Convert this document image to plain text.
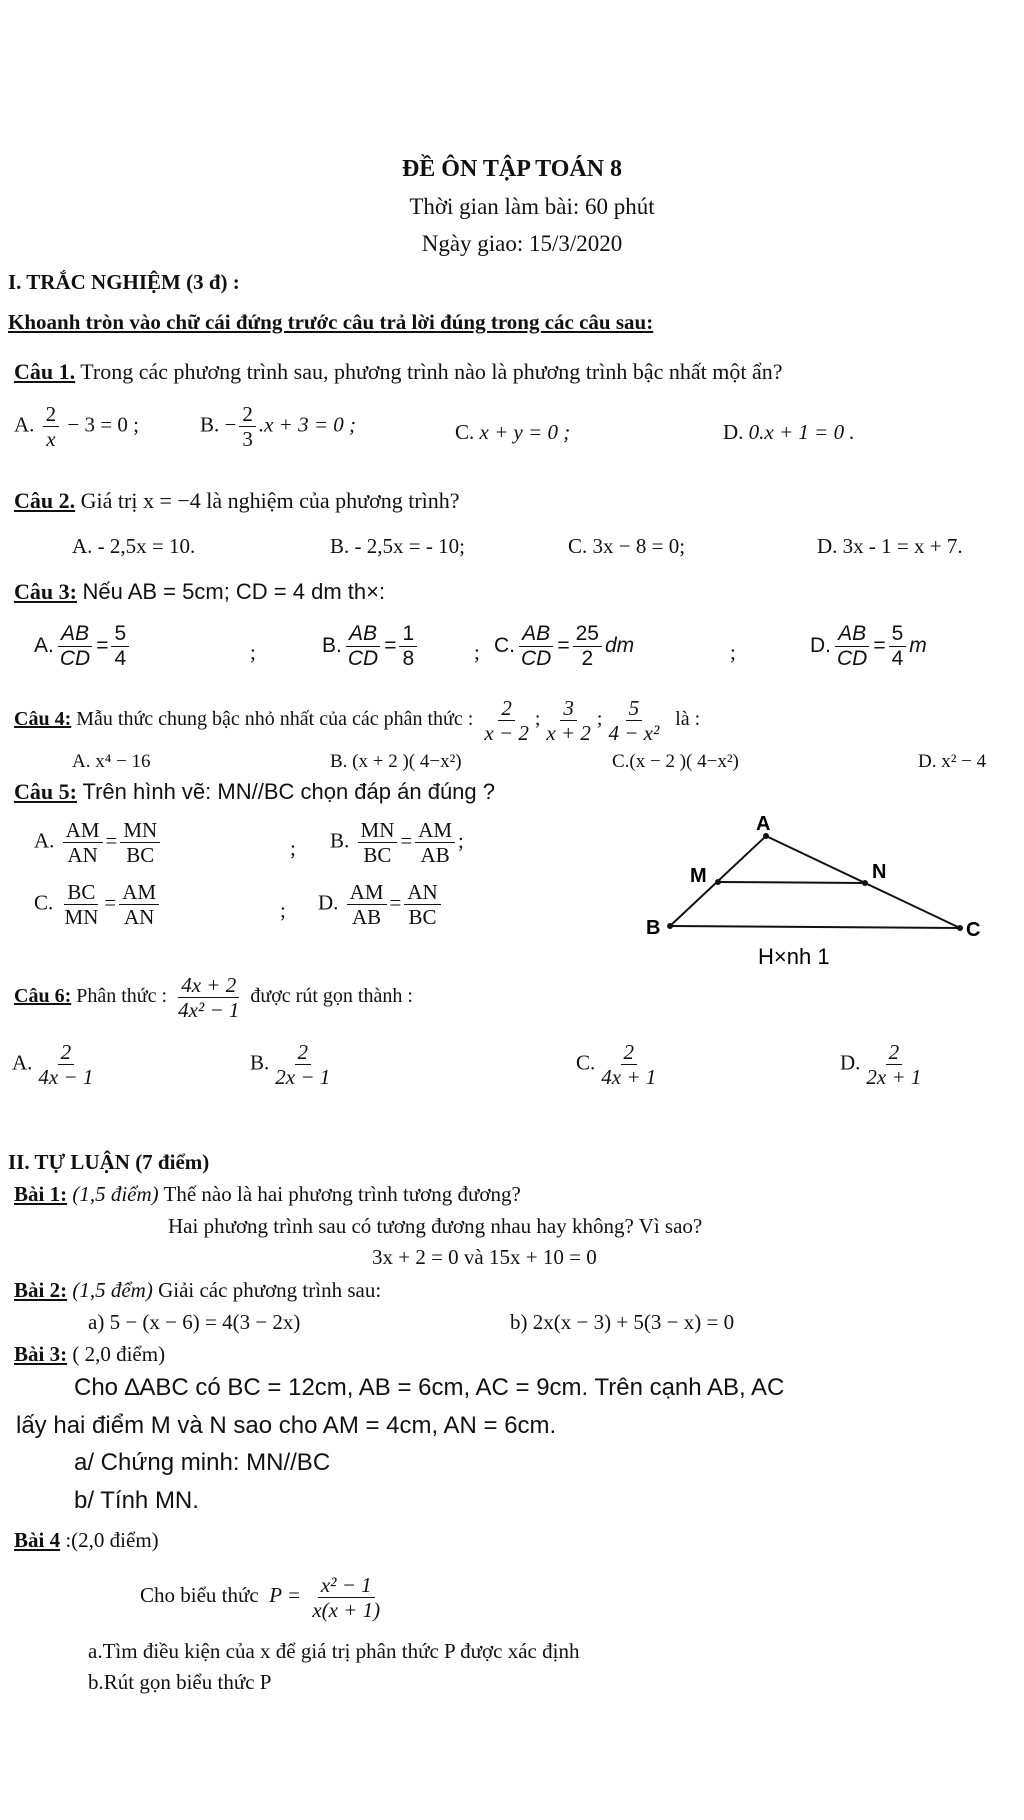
ĐỀ ÔN TẬP TOÁN 8
Thời gian làm bài: 60 phút
Ngày giao: 15/3/2020
I. TRẮC NGHIỆM (3 đ) :
Khoanh tròn vào chữ cái đứng trước câu trả lời đúng trong các câu sau:
Câu 1. Trong các phương trình sau, phương trình nào là phương trình bậc nhất một ẩn?
A. $\frac{2}{x} - 3 = 0$ ;	B. − $\frac{2}{3} .x + 3 = 0$ ;	C. x + y = 0 ;	D. 0.x + 1 = 0 .
Câu 2. Giá trị x = −4 là nghiệm của phương trình?
A. - 2,5x = 10.	B. - 2,5x = - 10;	C. 3x − 8 = 0;	D. 3x - 1 = x + 7.
Câu 3: Nếu AB = 5cm; CD = 4 dm th×:
A. $\frac{AB}{CD} = \frac{5}{4}$	;	B. $\frac{AB}{CD} = \frac{1}{8}$	; C. $\frac{AB}{CD} = \frac{25}{2}$ dm	;	D. $\frac{AB}{CD} = \frac{5}{4}$ m
Câu 4: Mẫu thức chung bậc nhỏ nhất của các phân thức : $\frac{2}{x - 2}$ ; $\frac{3}{x + 2}$ ; $\frac{5}{\text{4 − x²}}$ là :
A. x⁴ − 16	B. (x + 2 )( 4−x²)	C.(x − 2 )( 4−x²)	D. x² − 4
Câu 5: Trên hình vẽ: MN//BC chọn đáp án đúng ?
A. $\frac{AM}{AN} = \frac{MN}{BC}$	; B. $\frac{MN}{BC} = \frac{AM}{AB}$ ;
C. $\frac{BC}{MN} = \frac{AM}{AN}$	; D. $\frac{AM}{AB} = \frac{AN}{BC}$
A
M	N
B	C
H×nh 1
Câu 6: Phân thức : $\frac{4x + 2}{\text{4x² − 1}}$ được rút gọn thành :
A. $\frac{2}{4x - 1}$	B. $\frac{2}{2x - 1}$	C. $\frac{2}{4x + 1}$	D. $\frac{2}{2x + 1}$
II. TỰ LUẬN (7 điểm)
Bài 1: (1,5 điểm) Thế nào là hai phương trình tương đương?
Hai phương trình sau có tương đương nhau hay không? Vì sao?
3x + 2 = 0 và 15x + 10 = 0
Bài 2: (1,5 đểm) Giải các phương trình sau:
a) 5 − (x − 6) = 4(3 − 2x)	b) 2x(x − 3) + 5(3 − x) = 0
Bài 3: ( 2,0 điểm)
Cho ∆ABC có BC = 12cm, AB = 6cm, AC = 9cm. Trên cạnh AB, AC
lấy hai điểm M và N sao cho AM = 4cm, AN = 6cm.
a/ Chứng minh: MN//BC
b/ Tính MN.
Bài 4 :(2,0 điểm)
Cho biểu thức $P = \frac{\text{x² − 1}}{x(x + 1)}$
a.Tìm điều kiện của x để giá trị phân thức P được xác định
b.Rút gọn biểu thức P
